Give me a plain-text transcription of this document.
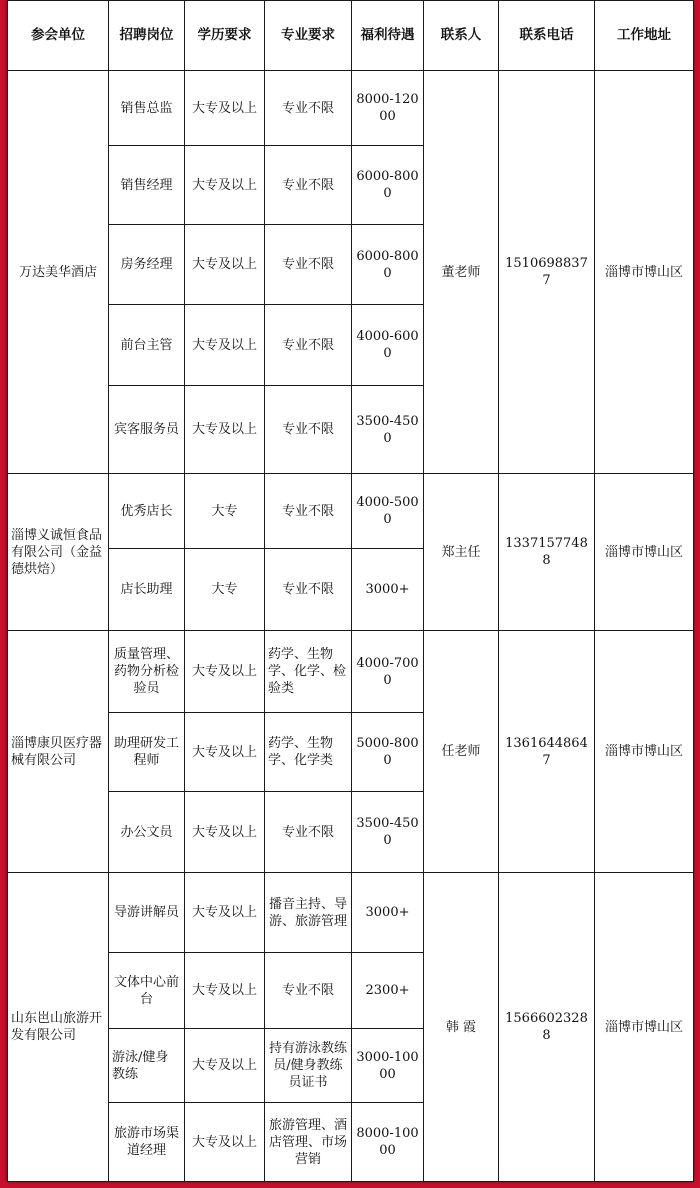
参会单位	招聘岗位	学历要求	专业要求	福利待遇	联系人	联系电话	工作地址
万达美华酒店	销售总监	大专及以上	专业不限	8000-12000	董老师	15106988377	淄博市博山区
	销售经理	大专及以上	专业不限	6000-8000			
	房务经理	大专及以上	专业不限	6000-8000			
	前台主管	大专及以上	专业不限	4000-6000			
	宾客服务员	大专及以上	专业不限	3500-4500			
淄博义诚恒食品有限公司（金益德烘焙）	优秀店长	大专	专业不限	4000-5000	郑主任	13371577488	淄博市博山区
	店长助理	大专	专业不限	3000+			
淄博康贝医疗器械有限公司	质量管理、药物分析检验员	大专及以上	药学、生物学、化学、检验类	4000-7000	任老师	13616448647	淄博市博山区
	助理研发工程师	大专及以上	药学、生物学、化学类	5000-8000			
	办公文员	大专及以上	专业不限	3500-4500			
山东岜山旅游开发有限公司	导游讲解员	大专及以上	播音主持、导游、旅游管理	3000+	韩 霞	15666023288	淄博市博山区
	文体中心前台	大专及以上	专业不限	2300+			
	游泳/健身教练	大专及以上	持有游泳教练员/健身教练员证书	3000-10000			
	旅游市场渠道经理	大专及以上	旅游管理、酒店管理、市场营销	8000-10000			
